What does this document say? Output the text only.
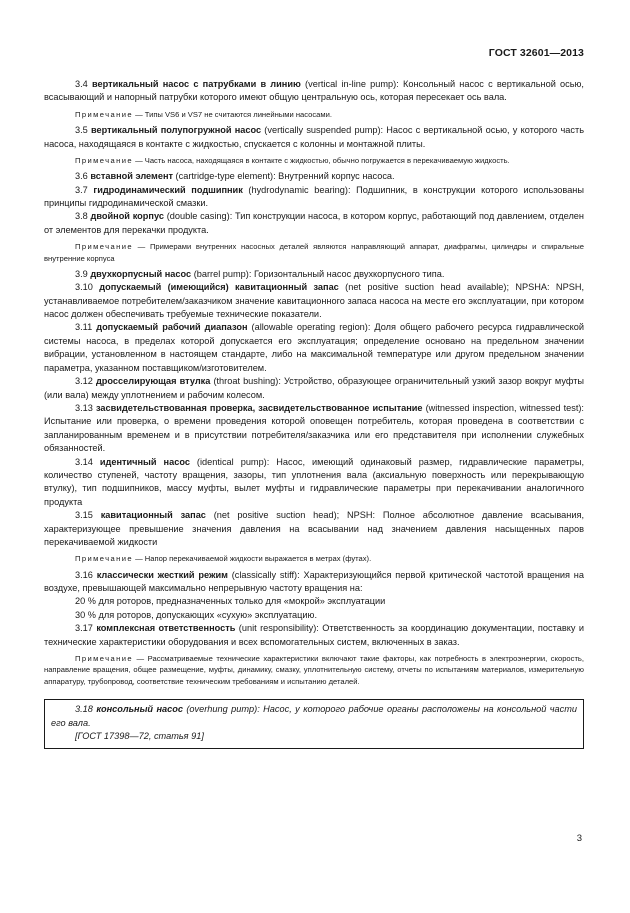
ГОСТ 32601—2013

3.4 вертикальный насос с патрубками в линию (vertical in-line pump): Консольный насос с вертикальной осью, всасывающий и напорный патрубки которого имеют общую центральную ось, которая пересекает ось вала.

Примечание — Типы VS6 и VS7 не считаются линейными насосами.

3.5 вертикальный полупогружной насос (vertically suspended pump): Насос с вертикальной осью, у которого часть насоса, находящаяся в контакте с жидкостью, спускается с колонны и монтажной плиты.

Примечание — Часть насоса, находящаяся в контакте с жидкостью, обычно погружается в перекачиваемую жидкость.

3.6 вставной элемент (cartridge-type element): Внутренний корпус насоса.

3.7 гидродинамический подшипник (hydrodynamic bearing): Подшипник, в конструкции которого использованы принципы гидродинамической смазки.

3.8 двойной корпус (double casing): Тип конструкции насоса, в котором корпус, работающий под давлением, отделен от элементов для перекачки продукта.

Примечание — Примерами внутренних насосных деталей являются направляющий аппарат, диафрагмы, цилиндры и спиральные внутренние корпуса

3.9 двухкорпусный насос (barrel pump): Горизонтальный насос двухкорпусного типа.

3.10 допускаемый (имеющийся) кавитационный запас (net positive suction head available); NPSHA: NPSH, устанавливаемое потребителем/заказчиком значение кавитационного запаса насоса на месте его эксплуатации, при котором насос должен обеспечивать требуемые технические показатели.

3.11 допускаемый рабочий диапазон (allowable operating region): Доля общего рабочего ресурса гидравлической системы насоса, в пределах которой допускается его эксплуатация; определение основано на предельном значении вибрации, установленном в настоящем стандарте, либо на максимальной температуре или другом предельном значении параметра, указанном поставщиком/изготовителем.

3.12 дросселирующая втулка (throat bushing): Устройство, образующее ограничительный узкий зазор вокруг муфты (или вала) между уплотнением и рабочим колесом.

3.13 засвидетельствованная проверка, засвидетельствованное испытание (witnessed inspection, witnessed test): Испытание или проверка, о времени проведения которой оповещен потребитель, которая проведена в соответствии с запланированным временем и в присутствии потребителя/заказчика или его представителя при исполнении служебных обязанностей.

3.14 идентичный насос (identical pump): Насос, имеющий одинаковый размер, гидравлические параметры, количество ступеней, частоту вращения, зазоры, тип уплотнения вала (аксиальную поверхность или перекрывающую втулку), тип подшипников, массу муфты, вылет муфты и гидравлические параметры при перекачивании аналогичного продукта

3.15 кавитационный запас (net positive suction head); NPSH: Полное абсолютное давление всасывания, характеризующее превышение значения давления на всасывании над значением давления насыщенных паров перекачиваемой жидкости

Примечание — Напор перекачиваемой жидкости выражается в метрах (футах).

3.16 классически жесткий режим (classically stiff): Характеризующийся первой критической частотой вращения на воздухе, превышающей максимально непрерывную частоту вращения на:

20 % для роторов, предназначенных только для «мокрой» эксплуатации

30 % для роторов, допускающих «сухую» эксплуатацию.

3.17 комплексная ответственность (unit responsibility): Ответственность за координацию документации, поставку и технические характеристики оборудования и всех вспомогательных систем, включенных в заказ.

Примечание — Рассматриваемые технические характеристики включают такие факторы, как потребность в электроэнергии, скорость, направление вращения, общее размещение, муфты, динамику, смазку, уплотнительную систему, отчеты по испытаниям материалов, измерительную аппаратуру, трубопровод, соответствие техническим требованиям и испытанию деталей.

3.18 консольный насос (overhung pump): Насос, у которого рабочие органы расположены на консольной части его вала.

[ГОСТ 17398—72, статья 91]

3
